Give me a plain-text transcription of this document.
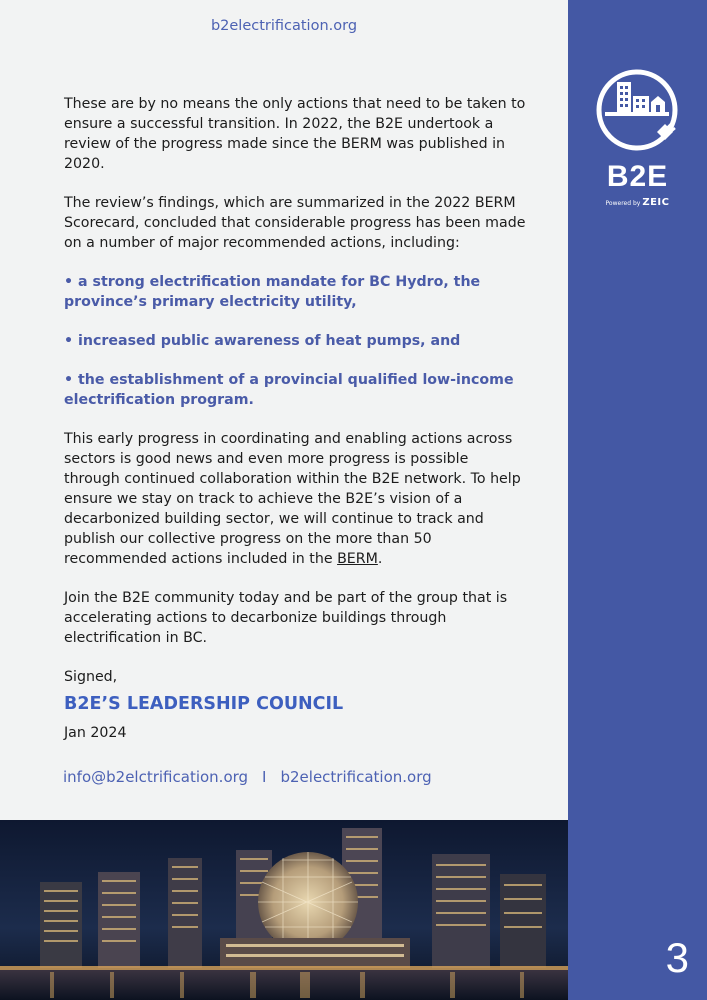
b2electrification.org

These are by no means the only actions that need to be taken to ensure a successful transition. In 2022, the B2E undertook a review of the progress made since the BERM was published in 2020.

The review’s findings, which are summarized in the 2022 BERM Scorecard, concluded that considerable progress has been made on a number of major recommended actions, including:

• a strong electrification mandate for BC Hydro, the province’s primary electricity utility,

• increased public awareness of heat pumps, and

• the establishment of a provincial qualified low-income electrification program.

This early progress in coordinating and enabling actions across sectors is good news and even more progress is possible through continued collaboration within the B2E network. To help ensure we stay on track to achieve the B2E’s vision of a decarbonized building sector, we will continue to track and publish our collective progress on the more than 50 recommended actions included in the BERM.

Join the B2E community today and be part of the group that is accelerating actions to decarbonize buildings through electrification in BC.

Signed,

B2E’S LEADERSHIP COUNCIL

Jan 2024

info@b2elctrification.org I b2electrification.org
B2E
Powered by ZEIC
3
